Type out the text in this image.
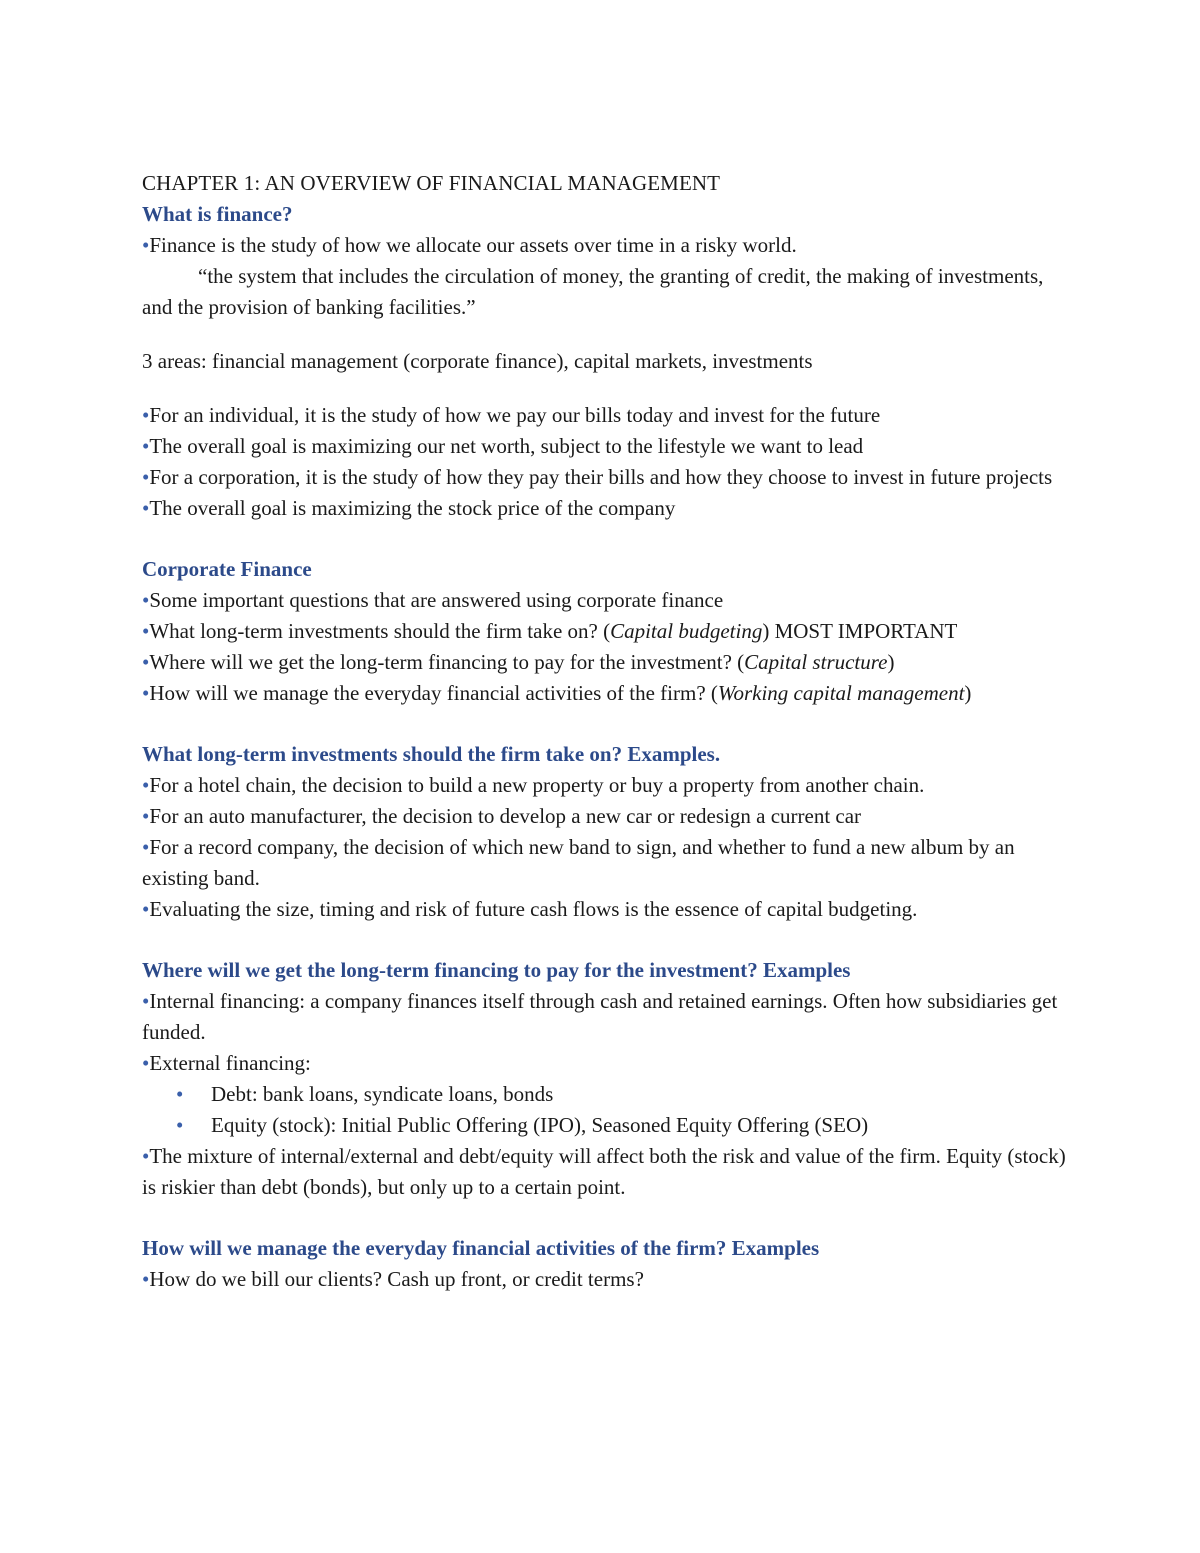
CHAPTER 1: AN OVERVIEW OF FINANCIAL MANAGEMENT

What is finance?

•Finance is the study of how we allocate our assets over time in a risky world.

“the system that includes the circulation of money, the granting of credit, the making of investments, and the provision of banking facilities.”

3 areas: financial management (corporate finance), capital markets, investments

•For an individual, it is the study of how we pay our bills today and invest for the future

•The overall goal is maximizing our net worth, subject to the lifestyle we want to lead

•For a corporation, it is the study of how they pay their bills and how they choose to invest in future projects

•The overall goal is maximizing the stock price of the company

Corporate Finance

•Some important questions that are answered using corporate finance

•What long-term investments should the firm take on? (Capital budgeting) MOST IMPORTANT

•Where will we get the long-term financing to pay for the investment? (Capital structure)

•How will we manage the everyday financial activities of the firm? (Working capital management)

What long-term investments should the firm take on? Examples.

•For a hotel chain, the decision to build a new property or buy a property from another chain.

•For an auto manufacturer, the decision to develop a new car or redesign a current car

•For a record company, the decision of which new band to sign, and whether to fund a new album by an existing band.

•Evaluating the size, timing and risk of future cash flows is the essence of capital budgeting.

Where will we get the long-term financing to pay for the investment? Examples

•Internal financing: a company finances itself through cash and retained earnings. Often how subsidiaries get funded.

•External financing:

• Debt: bank loans, syndicate loans, bonds

• Equity (stock): Initial Public Offering (IPO), Seasoned Equity Offering (SEO)

•The mixture of internal/external and debt/equity will affect both the risk and value of the firm. Equity (stock) is riskier than debt (bonds), but only up to a certain point.

How will we manage the everyday financial activities of the firm? Examples

•How do we bill our clients? Cash up front, or credit terms?
